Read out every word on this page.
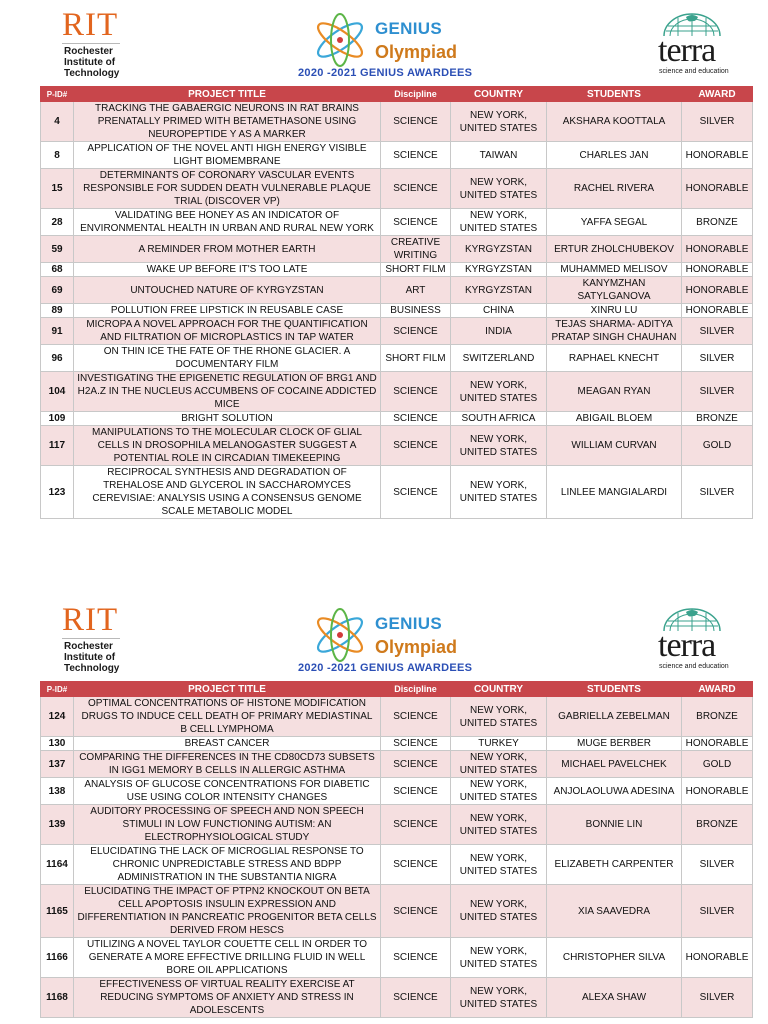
RIT
Rochester
Institute of
Technology
GENIUS
Olympiad
2020 -2021 GENIUS AWARDEES
terra
science and education
P-ID#	PROJECT TITLE	Discipline	COUNTRY	STUDENTS	AWARD
4	TRACKING THE GABAERGIC NEURONS IN RAT BRAINS PRENATALLY PRIMED WITH BETAMETHASONE USING NEUROPEPTIDE Y AS A MARKER	SCIENCE	NEW YORK, UNITED STATES	AKSHARA KOOTTALA	SILVER
8	APPLICATION OF THE NOVEL ANTI HIGH ENERGY VISIBLE LIGHT BIOMEMBRANE	SCIENCE	TAIWAN	CHARLES JAN	HONORABLE
15	DETERMINANTS OF CORONARY VASCULAR EVENTS RESPONSIBLE FOR SUDDEN DEATH VULNERABLE PLAQUE TRIAL (DISCOVER VP)	SCIENCE	NEW YORK, UNITED STATES	RACHEL RIVERA	HONORABLE
28	VALIDATING BEE HONEY AS AN INDICATOR OF ENVIRONMENTAL HEALTH IN URBAN AND RURAL NEW YORK	SCIENCE	NEW YORK, UNITED STATES	YAFFA SEGAL	BRONZE
59	A REMINDER FROM MOTHER EARTH	CREATIVE WRITING	KYRGYZSTAN	ERTUR ZHOLCHUBEKOV	HONORABLE
68	WAKE UP BEFORE IT'S TOO LATE	SHORT FILM	KYRGYZSTAN	MUHAMMED MELISOV	HONORABLE
69	UNTOUCHED NATURE OF KYRGYZSTAN	ART	KYRGYZSTAN	KANYMZHAN SATYLGANOVA	HONORABLE
89	POLLUTION FREE LIPSTICK IN REUSABLE CASE	BUSINESS	CHINA	XINRU LU	HONORABLE
91	MICROPA A NOVEL APPROACH FOR THE QUANTIFICATION AND FILTRATION OF MICROPLASTICS IN TAP WATER	SCIENCE	INDIA	TEJAS SHARMA- ADITYA PRATAP SINGH CHAUHAN	SILVER
96	ON THIN ICE THE FATE OF THE RHONE GLACIER. A DOCUMENTARY FILM	SHORT FILM	SWITZERLAND	RAPHAEL KNECHT	SILVER
104	INVESTIGATING THE EPIGENETIC REGULATION OF BRG1 AND H2A.Z IN THE NUCLEUS ACCUMBENS OF COCAINE ADDICTED MICE	SCIENCE	NEW YORK, UNITED STATES	MEAGAN RYAN	SILVER
109	BRIGHT SOLUTION	SCIENCE	SOUTH AFRICA	ABIGAIL BLOEM	BRONZE
117	MANIPULATIONS TO THE MOLECULAR CLOCK OF GLIAL CELLS IN DROSOPHILA MELANOGASTER SUGGEST A POTENTIAL ROLE IN CIRCADIAN TIMEKEEPING	SCIENCE	NEW YORK, UNITED STATES	WILLIAM CURVAN	GOLD
123	RECIPROCAL SYNTHESIS AND DEGRADATION OF TREHALOSE AND GLYCEROL IN SACCHAROMYCES CEREVISIAE: ANALYSIS USING A CONSENSUS GENOME SCALE METABOLIC MODEL	SCIENCE	NEW YORK, UNITED STATES	LINLEE MANGIALARDI	SILVER
RIT
Rochester
Institute of
Technology
GENIUS
Olympiad
2020 -2021 GENIUS AWARDEES
terra
science and education
P-ID#	PROJECT TITLE	Discipline	COUNTRY	STUDENTS	AWARD
124	OPTIMAL CONCENTRATIONS OF HISTONE MODIFICATION DRUGS TO INDUCE CELL DEATH OF PRIMARY MEDIASTINAL B CELL LYMPHOMA	SCIENCE	NEW YORK, UNITED STATES	GABRIELLA ZEBELMAN	BRONZE
130	BREAST CANCER	SCIENCE	TURKEY	MUGE BERBER	HONORABLE
137	COMPARING THE DIFFERENCES IN THE CD80CD73 SUBSETS IN IGG1 MEMORY B CELLS IN ALLERGIC ASTHMA	SCIENCE	NEW YORK, UNITED STATES	MICHAEL PAVELCHEK	GOLD
138	ANALYSIS OF GLUCOSE CONCENTRATIONS FOR DIABETIC USE USING COLOR INTENSITY CHANGES	SCIENCE	NEW YORK, UNITED STATES	ANJOLAOLUWA ADESINA	HONORABLE
139	AUDITORY PROCESSING OF SPEECH AND NON SPEECH STIMULI IN LOW FUNCTIONING AUTISM: AN ELECTROPHYSIOLOGICAL STUDY	SCIENCE	NEW YORK, UNITED STATES	BONNIE LIN	BRONZE
1164	ELUCIDATING THE LACK OF MICROGLIAL RESPONSE TO CHRONIC UNPREDICTABLE STRESS AND BDPP ADMINISTRATION IN THE SUBSTANTIA NIGRA	SCIENCE	NEW YORK, UNITED STATES	ELIZABETH CARPENTER	SILVER
1165	ELUCIDATING THE IMPACT OF PTPN2 KNOCKOUT ON BETA CELL APOPTOSIS INSULIN EXPRESSION AND DIFFERENTIATION IN PANCREATIC PROGENITOR BETA CELLS DERIVED FROM HESCS	SCIENCE	NEW YORK, UNITED STATES	XIA SAAVEDRA	SILVER
1166	UTILIZING A NOVEL TAYLOR COUETTE CELL IN ORDER TO GENERATE A MORE EFFECTIVE DRILLING FLUID IN WELL BORE OIL APPLICATIONS	SCIENCE	NEW YORK, UNITED STATES	CHRISTOPHER SILVA	HONORABLE
1168	EFFECTIVENESS OF VIRTUAL REALITY EXERCISE AT REDUCING SYMPTOMS OF ANXIETY AND STRESS IN ADOLESCENTS	SCIENCE	NEW YORK, UNITED STATES	ALEXA SHAW	SILVER
